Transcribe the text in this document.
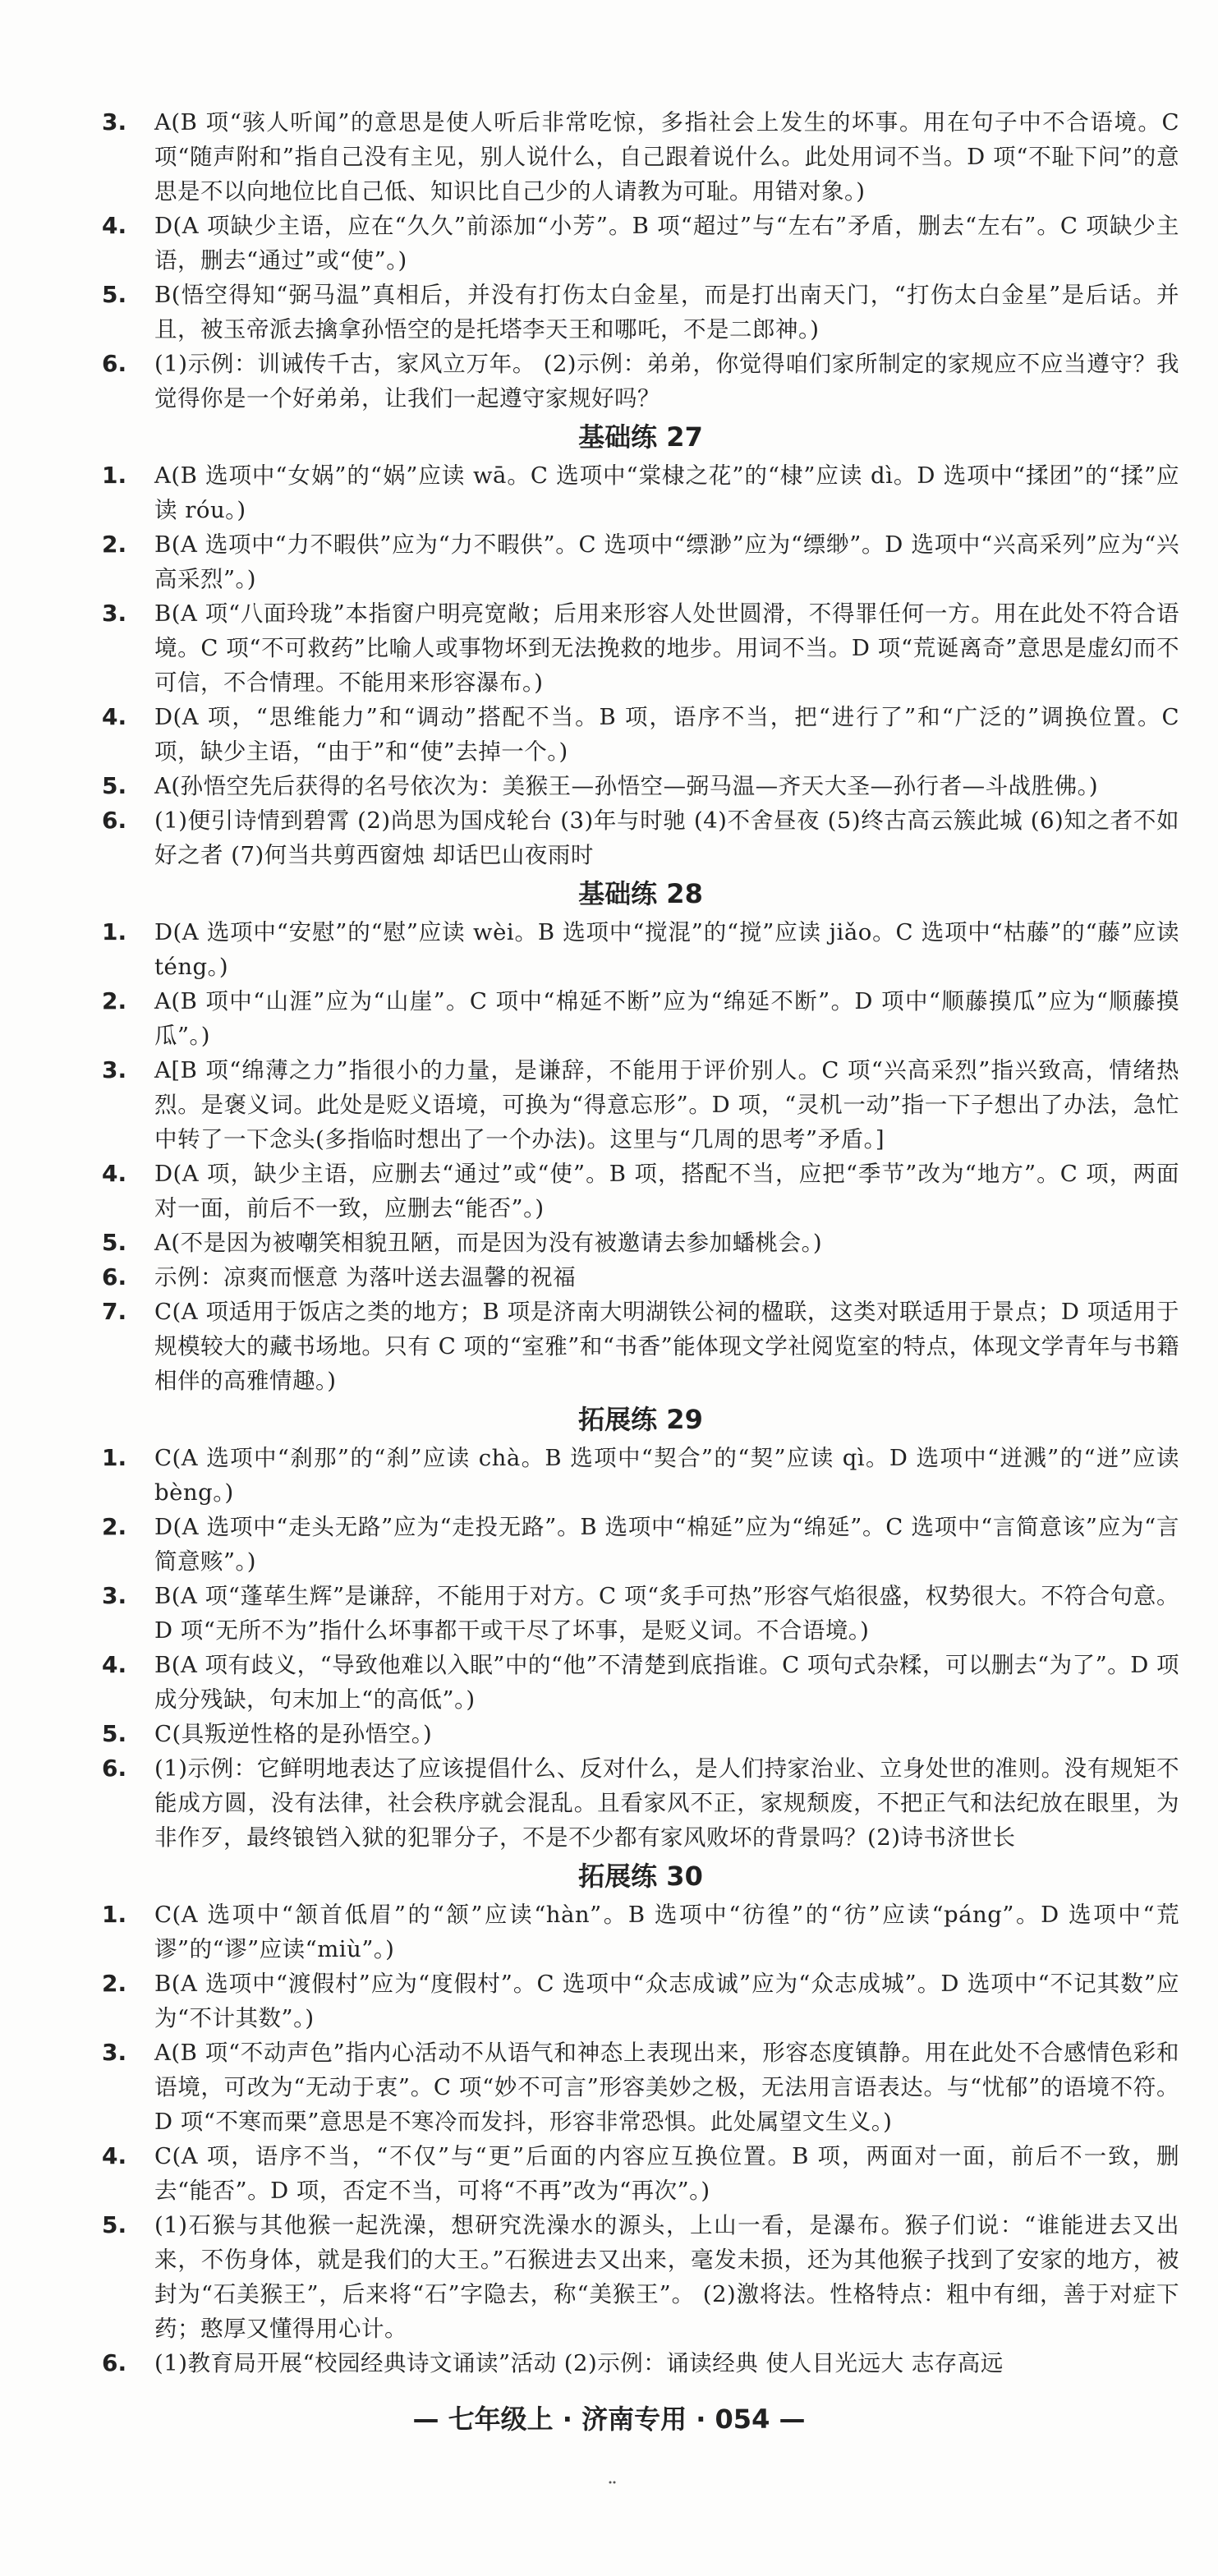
3.	A(B 项“骇人听闻”的意思是使人听后非常吃惊，多指社会上发生的坏事。用在句子中不合语境。C 项“随声附和”指自己没有主见，别人说什么，自己跟着说什么。此处用词不当。D 项“不耻下问”的意思是不以向地位比自己低、知识比自己少的人请教为可耻。用错对象。)
4.	D(A 项缺少主语，应在“久久”前添加“小芳”。B 项“超过”与“左右”矛盾，删去“左右”。C 项缺少主语，删去“通过”或“使”。)
5.	B(悟空得知“弼马温”真相后，并没有打伤太白金星，而是打出南天门，“打伤太白金星”是后话。并且，被玉帝派去擒拿孙悟空的是托塔李天王和哪吒，不是二郎神。)
6.	(1)示例：训诫传千古，家风立万年。 (2)示例：弟弟，你觉得咱们家所制定的家规应不应当遵守？我觉得你是一个好弟弟，让我们一起遵守家规好吗？
基础练 27
1.	A(B 选项中“女娲”的“娲”应读 wā。C 选项中“棠棣之花”的“棣”应读 dì。D 选项中“揉团”的“揉”应读 róu。)
2.	B(A 选项中“力不暇供”应为“力不暇供”。C 选项中“缥渺”应为“缥缈”。D 选项中“兴高采列”应为“兴高采烈”。)
3.	B(A 项“八面玲珑”本指窗户明亮宽敞；后用来形容人处世圆滑，不得罪任何一方。用在此处不符合语境。C 项“不可救药”比喻人或事物坏到无法挽救的地步。用词不当。D 项“荒诞离奇”意思是虚幻而不可信，不合情理。不能用来形容瀑布。)
4.	D(A 项，“思维能力”和“调动”搭配不当。B 项，语序不当，把“进行了”和“广泛的”调换位置。C 项，缺少主语，“由于”和“使”去掉一个。)
5.	A(孙悟空先后获得的名号依次为：美猴王—孙悟空—弼马温—齐天大圣—孙行者—斗战胜佛。)
6.	(1)便引诗情到碧霄 (2)尚思为国戍轮台 (3)年与时驰 (4)不舍昼夜 (5)终古高云簇此城 (6)知之者不如好之者 (7)何当共剪西窗烛 却话巴山夜雨时
基础练 28
1.	D(A 选项中“安慰”的“慰”应读 wèi。B 选项中“搅混”的“搅”应读 jiǎo。C 选项中“枯藤”的“藤”应读 téng。)
2.	A(B 项中“山涯”应为“山崖”。C 项中“棉延不断”应为“绵延不断”。D 项中“顺藤摸瓜”应为“顺藤摸瓜”。)
3.	A[B 项“绵薄之力”指很小的力量，是谦辞，不能用于评价别人。C 项“兴高采烈”指兴致高，情绪热烈。是褒义词。此处是贬义语境，可换为“得意忘形”。D 项，“灵机一动”指一下子想出了办法，急忙中转了一下念头(多指临时想出了一个办法)。这里与“几周的思考”矛盾。]
4.	D(A 项，缺少主语，应删去“通过”或“使”。B 项，搭配不当，应把“季节”改为“地方”。C 项，两面对一面，前后不一致，应删去“能否”。)
5.	A(不是因为被嘲笑相貌丑陋，而是因为没有被邀请去参加蟠桃会。)
6.	示例：凉爽而惬意 为落叶送去温馨的祝福
7.	C(A 项适用于饭店之类的地方；B 项是济南大明湖铁公祠的楹联，这类对联适用于景点；D 项适用于规模较大的藏书场地。只有 C 项的“室雅”和“书香”能体现文学社阅览室的特点，体现文学青年与书籍相伴的高雅情趣。)
拓展练 29
1.	C(A 选项中“刹那”的“刹”应读 chà。B 选项中“契合”的“契”应读 qì。D 选项中“迸溅”的“迸”应读 bèng。)
2.	D(A 选项中“走头无路”应为“走投无路”。B 选项中“棉延”应为“绵延”。C 选项中“言简意该”应为“言简意赅”。)
3.	B(A 项“蓬荜生辉”是谦辞，不能用于对方。C 项“炙手可热”形容气焰很盛，权势很大。不符合句意。D 项“无所不为”指什么坏事都干或干尽了坏事，是贬义词。不合语境。)
4.	B(A 项有歧义，“导致他难以入眠”中的“他”不清楚到底指谁。C 项句式杂糅，可以删去“为了”。D 项成分残缺，句末加上“的高低”。)
5.	C(具叛逆性格的是孙悟空。)
6.	(1)示例：它鲜明地表达了应该提倡什么、反对什么，是人们持家治业、立身处世的准则。没有规矩不能成方圆，没有法律，社会秩序就会混乱。且看家风不正，家规颓废，不把正气和法纪放在眼里，为非作歹，最终锒铛入狱的犯罪分子，不是不少都有家风败坏的背景吗？(2)诗书济世长
拓展练 30
1.	C(A 选项中“颔首低眉”的“颔”应读“hàn”。B 选项中“彷徨”的“彷”应读“páng”。D 选项中“荒谬”的“谬”应读“miù”。)
2.	B(A 选项中“渡假村”应为“度假村”。C 选项中“众志成诚”应为“众志成城”。D 选项中“不记其数”应为“不计其数”。)
3.	A(B 项“不动声色”指内心活动不从语气和神态上表现出来，形容态度镇静。用在此处不合感情色彩和语境，可改为“无动于衷”。C 项“妙不可言”形容美妙之极，无法用言语表达。与“忧郁”的语境不符。D 项“不寒而栗”意思是不寒冷而发抖，形容非常恐惧。此处属望文生义。)
4.	C(A 项，语序不当，“不仅”与“更”后面的内容应互换位置。B 项，两面对一面，前后不一致，删去“能否”。D 项，否定不当，可将“不再”改为“再次”。)
5.	(1)石猴与其他猴一起洗澡，想研究洗澡水的源头，上山一看，是瀑布。猴子们说：“谁能进去又出来，不伤身体，就是我们的大王。”石猴进去又出来，毫发未损，还为其他猴子找到了安家的地方，被封为“石美猴王”，后来将“石”字隐去，称“美猴王”。 (2)激将法。性格特点：粗中有细，善于对症下药；憨厚又懂得用心计。
6.	(1)教育局开展“校园经典诗文诵读”活动 (2)示例：诵读经典 使人目光远大 志存高远
— 七年级上 · 济南专用 · 054 —
